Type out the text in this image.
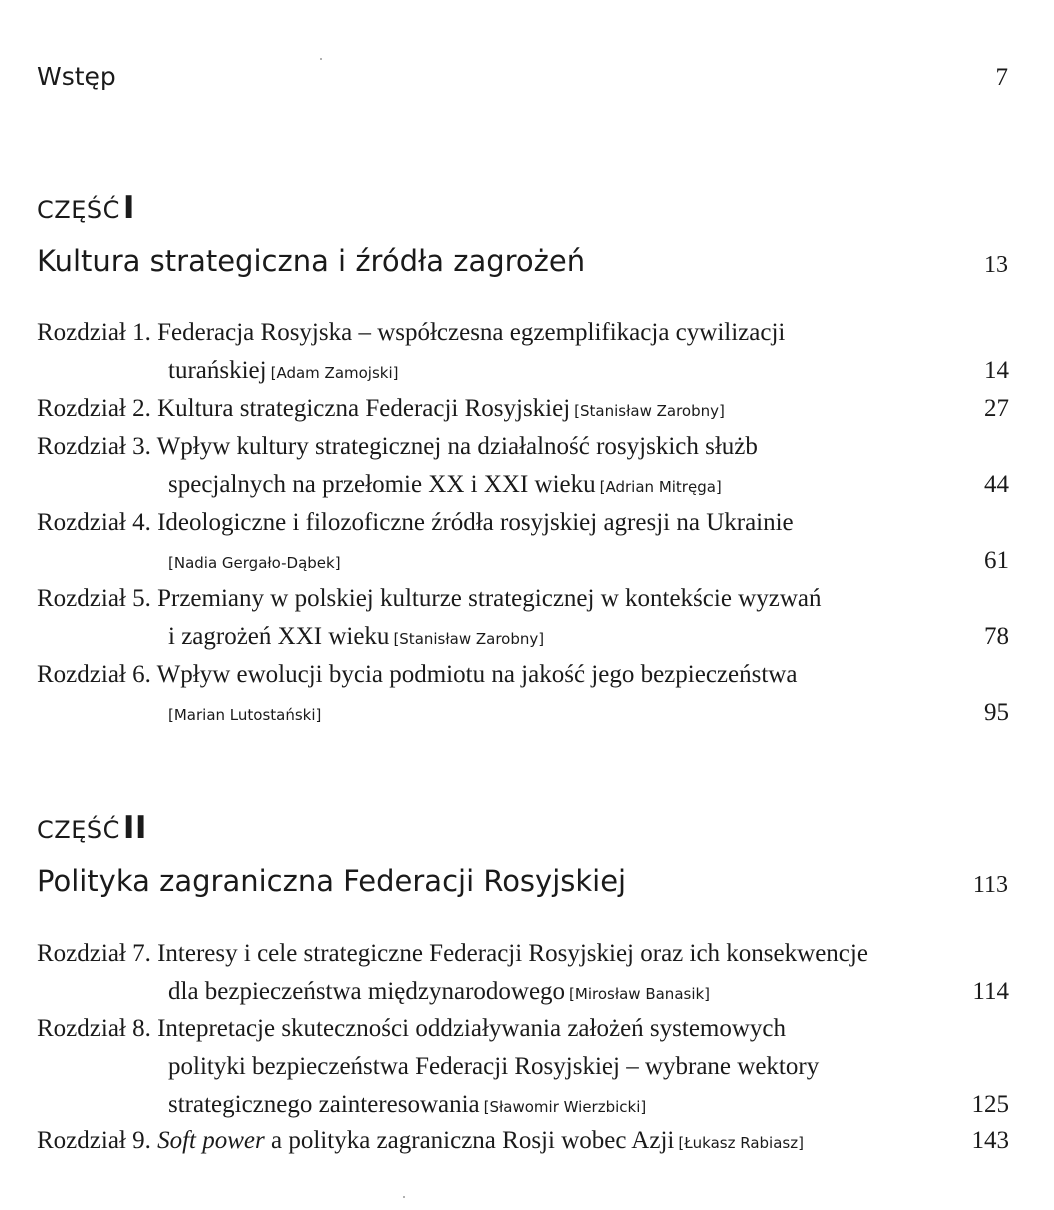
Wstęp	7
CZĘŚĆI
Kultura strategiczna i źródła zagrożeń	13
Rozdział 1. Federacja Rosyjska – współczesna egzemplifikacja cywilizacji
turańskiej [Adam Zamojski]	14
Rozdział 2. Kultura strategiczna Federacji Rosyjskiej [Stanisław Zarobny]	27
Rozdział 3. Wpływ kultury strategicznej na działalność rosyjskich służb
specjalnych na przełomie XX i XXI wieku [Adrian Mitręga]	44
Rozdział 4. Ideologiczne i filozoficzne źródła rosyjskiej agresji na Ukrainie
[Nadia Gergało-Dąbek]	61
Rozdział 5. Przemiany w polskiej kulturze strategicznej w kontekście wyzwań
i zagrożeń XXI wieku [Stanisław Zarobny]	78
Rozdział 6. Wpływ ewolucji bycia podmiotu na jakość jego bezpieczeństwa
[Marian Lutostański]	95
CZĘŚĆII
Polityka zagraniczna Federacji Rosyjskiej	113
Rozdział 7. Interesy i cele strategiczne Federacji Rosyjskiej oraz ich konsekwencje
dla bezpieczeństwa międzynarodowego [Mirosław Banasik]	114
Rozdział 8. Intepretacje skuteczności oddziaływania założeń systemowych
polityki bezpieczeństwa Federacji Rosyjskiej – wybrane wektory
strategicznego zainteresowania [Sławomir Wierzbicki]	125
Rozdział 9. Soft power a polityka zagraniczna Rosji wobec Azji [Łukasz Rabiasz]	143
